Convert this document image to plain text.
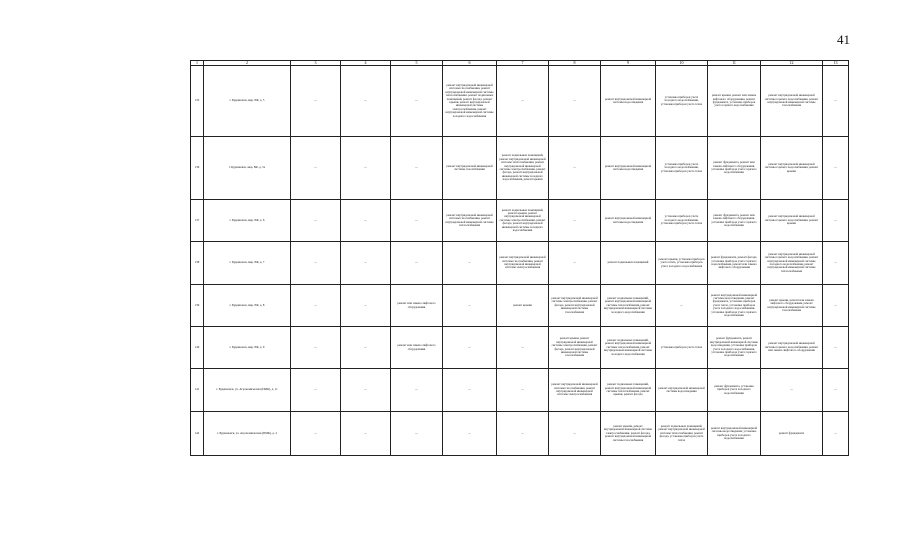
41
1	2	3	4	5	6	7	8	9	10	11	12	13
135	г. Буденновск, мкр. 8Ф, д. 5	—	—	—	ремонт внутридомовой инженерной системы газоснабжения, ремонт внутридомовой инженерной системы теплоснабжения, ремонт подвальных помещений, ремонт фасада, ремонт крыши, ремонт внутридомовой инженерной системы электроснабжения, ремонт внутридомовой инженерной системы холодного водоснабжения	—	—	ремонт внутридомовой инженерной системы водоотведения	установка приборов учета холодного водоснабжения, установка приборов учета тепла	ремонт крыши, ремонт или замена лифтового оборудования, ремонт фундамента, установка приборов учета горячего водоснабжения	ремонт внутридомовой инженерной системы горячего водоснабжения, ремонт внутридомовой инженерной системы газоснабжения	—
136	г. Буденновск, мкр. 8Ф, д. 5а	—	—	—	ремонт внутридомовой инженерной системы газоснабжения	ремонт подвальных помещений, ремонт внутридомовой инженерной системы теплоснабжения, ремонт внутридомовой инженерной системы электроснабжения, ремонт фасада, ремонт внутридомовой инженерной системы холодного водоснабжения, ремонт крыши	—	ремонт внутридомовой инженерной системы водоотведения	установка приборов учета холодного водоснабжения, установка приборов учета тепла	ремонт фундамента, ремонт или замена лифтового оборудования, установка приборов учета горячего водоснабжения	ремонт внутридомовой инженерной системы горячего водоснабжения, ремонт крыши	—
137	г. Буденновск, мкр. 8Ф, д. 6	—	—	—	ремонт внутридомовой инженерной системы газоснабжения, ремонт внутридомовой инженерной системы теплоснабжения	ремонт подвальных помещений, ремонт крыши, ремонт внутридомовой инженерной системы электроснабжения, ремонт фасада, ремонт внутридомовой инженерной системы холодного водоснабжения	—	ремонт внутридомовой инженерной системы водоотведения	установка приборов учета холодного водоснабжения, установка приборов учета тепла	ремонт фундамента, ремонт или замена лифтового оборудования, установка приборов учета горячего водоснабжения	ремонт внутридомовой инженерной системы горячего водоснабжения, ремонт крыши	—
138	г. Буденновск, мкр. 8Ф, д. 7	—	—	—	—	ремонт внутридомовой инженерной системы газоснабжения, ремонт внутридомовой инженерной системы электроснабжения	—	ремонт подвальных помещений	ремонт крыши, установка приборов учета тепла, установка приборов учета холодного водоснабжения	ремонт фундамента, ремонт фасада, установка приборов учета горячего водоснабжения, ремонт или замена лифтового оборудования	ремонт внутридомовой инженерной системы горячего водоснабжения, ремонт внутридомовой инженерной системы холодного водоснабжения, ремонт внутридомовой инженерной системы теплоснабжения	—
139	г. Буденновск, мкр. 8Ф, д. 8	—	—	ремонт или замена лифтового оборудования	—	ремонт крыши	ремонт внутридомовой инженерной системы электроснабжения, ремонт фасада, ремонт внутридомовой инженерной системы газоснабжения	ремонт подвальных помещений, ремонт внутридомовой инженерной системы теплоснабжения, ремонт внутридомовой инженерной системы холодного водоснабжения	—	ремонт внутридомовой инженерной системы водоотведения, ремонт фундамента, установка приборов учета тепла, установка приборов учета холодного водоснабжения, установка приборов учета горячего водоснабжения	ремонт крыши, ремонт или замена лифтового оборудования, ремонт внутридомовой инженерной системы газоснабжения	—
140	г. Буденновск, мкр. 8Ф, д. 9	—	—	ремонт или замена лифтового оборудования	—	—	ремонт крыши, ремонт внутридомовой инженерной системы электроснабжения, ремонт фасада, ремонт внутридомовой инженерной системы газоснабжения	ремонт подвальных помещений, ремонт внутридомовой инженерной системы теплоснабжения, ремонт внутридомовой инженерной системы холодного водоснабжения	установка приборов учета тепла	ремонт фундамента, ремонт внутридомовой инженерной системы водоотведения, установка приборов учета холодного водоснабжения, установка приборов учета горячего водоснабжения	ремонт внутридомовой инженерной системы горячего водоснабжения, ремонт или замена лифтового оборудования	—
141	г. Буденновск, ул. Агрономическая (ПМК), д. 11	—	—	—	—	—	ремонт внутридомовой инженерной системы газоснабжения, ремонт внутридомовой инженерной системы электроснабжения	ремонт подвальных помещений, ремонт внутридомовой инженерной системы теплоснабжения, ремонт крыши, ремонт фасада	ремонт внутридомовой инженерной системы водоотведения	ремонт фундамента, установка приборов учета холодного водоснабжения	—	—
142	г. Буденновск, ул. Агрономическая (ПМК), д. 2	—	—	—	—	—	—	ремонт крыши, ремонт внутридомовой инженерной системы электроснабжения, ремонт фасада, ремонт внутридомовой инженерной системы газоснабжения	ремонт подвальных помещений, ремонт внутридомовой инженерной системы теплоснабжения, ремонт фасада, установка приборов учета тепла	ремонт внутридомовой инженерной системы водоотведения, установка приборов учета холодного водоснабжения	ремонт фундамента	—
